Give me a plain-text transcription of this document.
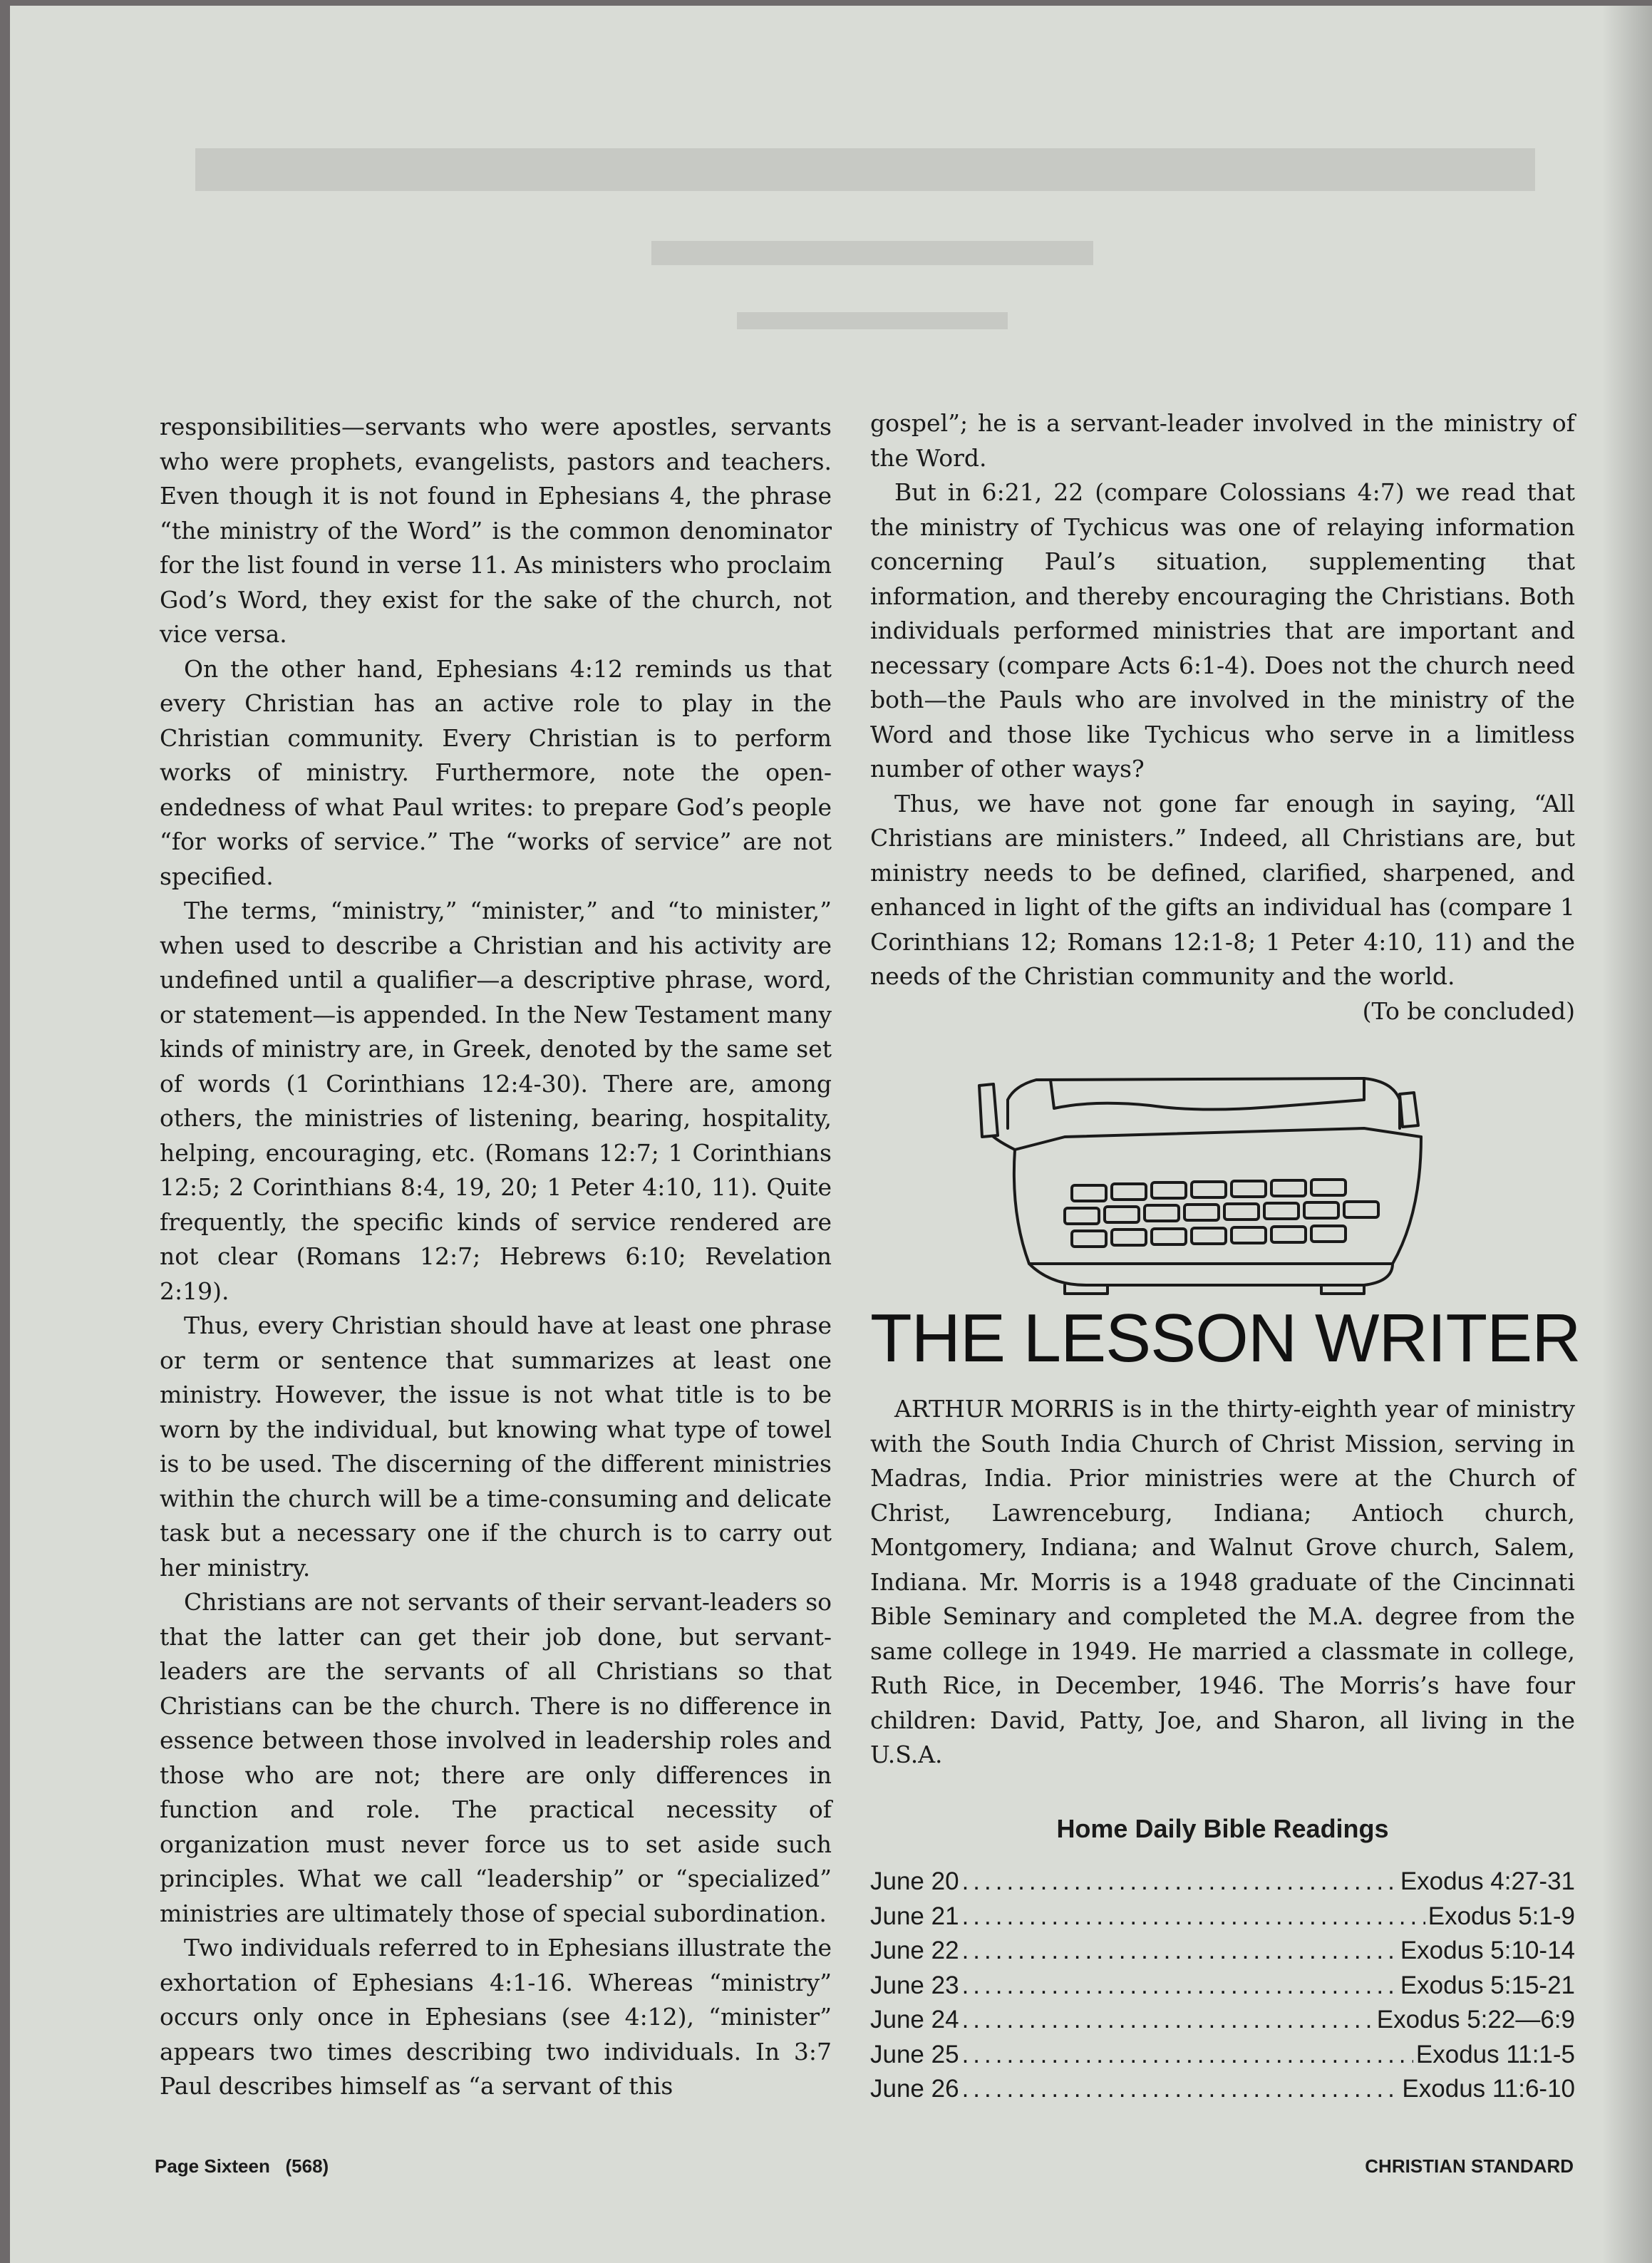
responsibilities—servants who were apostles, servants who were prophets, evangelists, pastors and teachers. Even though it is not found in Ephesians 4, the phrase “the ministry of the Word” is the common denominator for the list found in verse 11. As ministers who proclaim God’s Word, they exist for the sake of the church, not vice versa.

On the other hand, Ephesians 4:12 reminds us that every Christian has an active role to play in the Christian community. Every Christian is to perform works of ministry. Furthermore, note the open-endedness of what Paul writes: to prepare God’s people “for works of service.” The “works of service” are not specified.

The terms, “ministry,” “minister,” and “to minister,” when used to describe a Christian and his activity are undefined until a qualifier—a descriptive phrase, word, or statement—is appended. In the New Testament many kinds of ministry are, in Greek, denoted by the same set of words (1 Corinthians 12:4-30). There are, among others, the ministries of listening, bearing, hospitality, helping, encouraging, etc. (Romans 12:7; 1 Corinthians 12:5; 2 Corinthians 8:4, 19, 20; 1 Peter 4:10, 11). Quite frequently, the specific kinds of service rendered are not clear (Romans 12:7; Hebrews 6:10; Revelation 2:19).

Thus, every Christian should have at least one phrase or term or sentence that summarizes at least one ministry. However, the issue is not what title is to be worn by the individual, but knowing what type of towel is to be used. The discerning of the different ministries within the church will be a time-consuming and delicate task but a necessary one if the church is to carry out her ministry.

Christians are not servants of their servant-leaders so that the latter can get their job done, but servant-leaders are the servants of all Christians so that Christians can be the church. There is no difference in essence between those involved in leadership roles and those who are not; there are only differences in function and role. The practical necessity of organization must never force us to set aside such principles. What we call “leadership” or “specialized” ministries are ultimately those of special subordination.

Two individuals referred to in Ephesians illustrate the exhortation of Ephesians 4:1-16. Whereas “ministry” occurs only once in Ephesians (see 4:12), “minister” appears two times describing two individuals. In 3:7 Paul describes himself as “a servant of this

gospel”; he is a servant-leader involved in the ministry of the Word.

But in 6:21, 22 (compare Colossians 4:7) we read that the ministry of Tychicus was one of relaying information concerning Paul’s situation, supplementing that information, and thereby encouraging the Christians. Both individuals performed ministries that are important and necessary (compare Acts 6:1-4). Does not the church need both—the Pauls who are involved in the ministry of the Word and those like Tychicus who serve in a limitless number of other ways?

Thus, we have not gone far enough in saying, “All Christians are ministers.” Indeed, all Christians are, but ministry needs to be defined, clarified, sharpened, and enhanced in light of the gifts an individual has (compare 1 Corinthians 12; Romans 12:1-8; 1 Peter 4:10, 11) and the needs of the Christian community and the world.
(To be concluded)

THE LESSON WRITER

ARTHUR MORRIS is in the thirty-eighth year of ministry with the South India Church of Christ Mission, serving in Madras, India. Prior ministries were at the Church of Christ, Lawrenceburg, Indiana; Antioch church, Montgomery, Indiana; and Walnut Grove church, Salem, Indiana. Mr. Morris is a 1948 graduate of the Cincinnati Bible Seminary and completed the M.A. degree from the same college in 1949. He married a classmate in college, Ruth Rice, in December, 1946. The Morris’s have four children: David, Patty, Joe, and Sharon, all living in the U.S.A.

Home Daily Bible Readings
June 20 .....	Exodus 4:27-31
June 21 .....	Exodus 5:1-9
June 22 .....	Exodus 5:10-14
June 23 .....	Exodus 5:15-21
June 24 .....	Exodus 5:22—6:9
June 25 .....	Exodus 11:1-5
June 26 .....	Exodus 11:6-10
Page Sixteen   (568)	CHRISTIAN STANDARD
